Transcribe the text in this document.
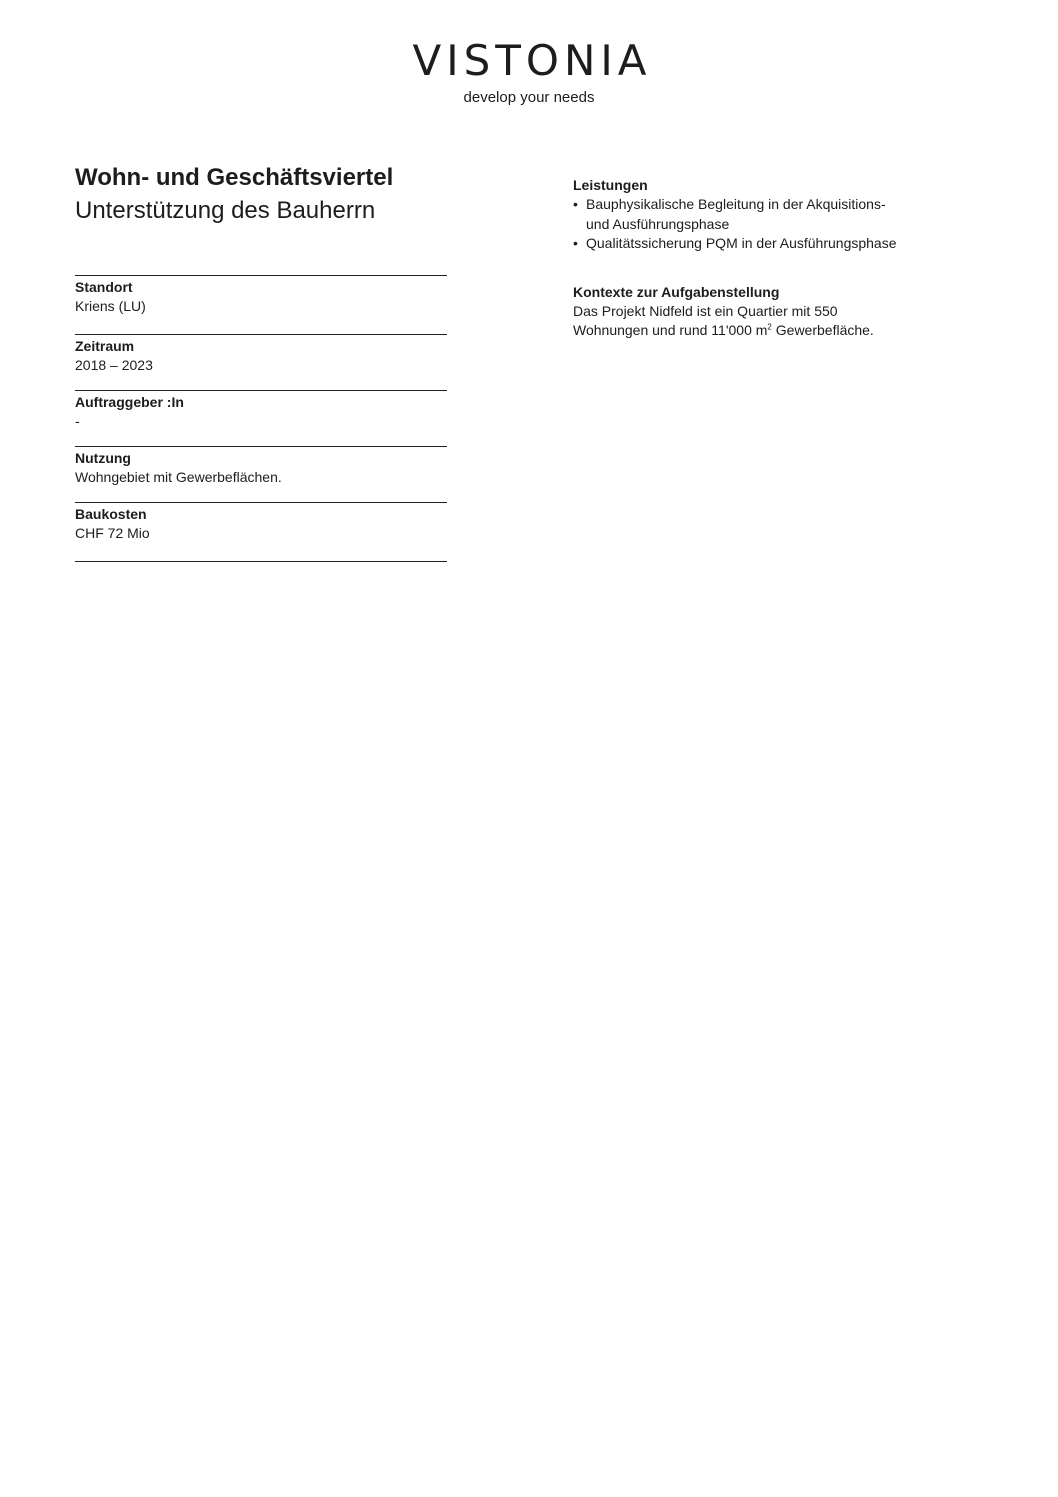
VISTONIA
develop your needs
Wohn- und Geschäftsviertel
Unterstützung des Bauherrn
Standort
Kriens (LU)
Zeitraum
2018 – 2023
Auftraggeber :In
-
Nutzung
Wohngebiet mit Gewerbeflächen.
Baukosten
CHF 72 Mio
Leistungen
• Bauphysikalische Begleitung in der Akquisitions-
und Ausführungsphase
• Qualitätssicherung PQM in der Ausführungsphase
Kontexte zur Aufgabenstellung
Das Projekt Nidfeld ist ein Quartier mit 550
Wohnungen und rund 11'000 $m^2$ Gewerbefläche.
